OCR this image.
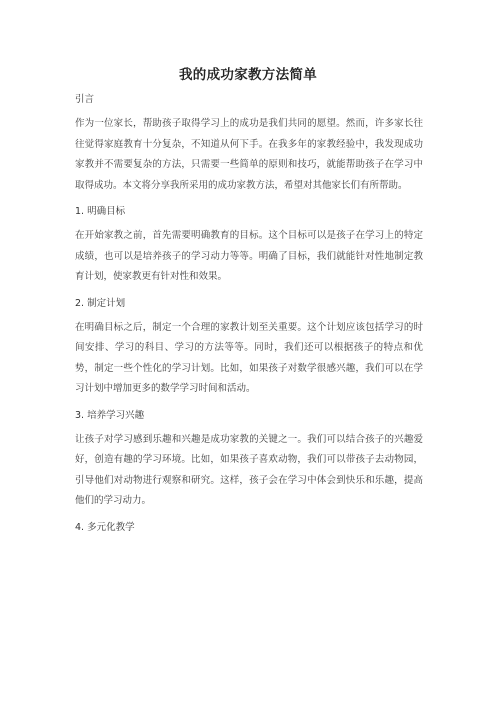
我的成功家教方法简单
引言
作为一位家长，帮助孩子取得学习上的成功是我们共同的愿望。然而，许多家长往往觉得家庭教育十分复杂，不知道从何下手。在我多年的家教经验中，我发现成功家教并不需要复杂的方法，只需要一些简单的原则和技巧，就能帮助孩子在学习中取得成功。本文将分享我所采用的成功家教方法，希望对其他家长们有所帮助。
1. 明确目标
在开始家教之前，首先需要明确教育的目标。这个目标可以是孩子在学习上的特定成绩，也可以是培养孩子的学习动力等等。明确了目标，我们就能针对性地制定教育计划，使家教更有针对性和效果。
2. 制定计划
在明确目标之后，制定一个合理的家教计划至关重要。这个计划应该包括学习的时间安排、学习的科目、学习的方法等等。同时，我们还可以根据孩子的特点和优势，制定一些个性化的学习计划。比如，如果孩子对数学很感兴趣，我们可以在学习计划中增加更多的数学学习时间和活动。
3. 培养学习兴趣
让孩子对学习感到乐趣和兴趣是成功家教的关键之一。我们可以结合孩子的兴趣爱好，创造有趣的学习环境。比如，如果孩子喜欢动物，我们可以带孩子去动物园，引导他们对动物进行观察和研究。这样，孩子会在学习中体会到快乐和乐趣，提高他们的学习动力。
4. 多元化教学
